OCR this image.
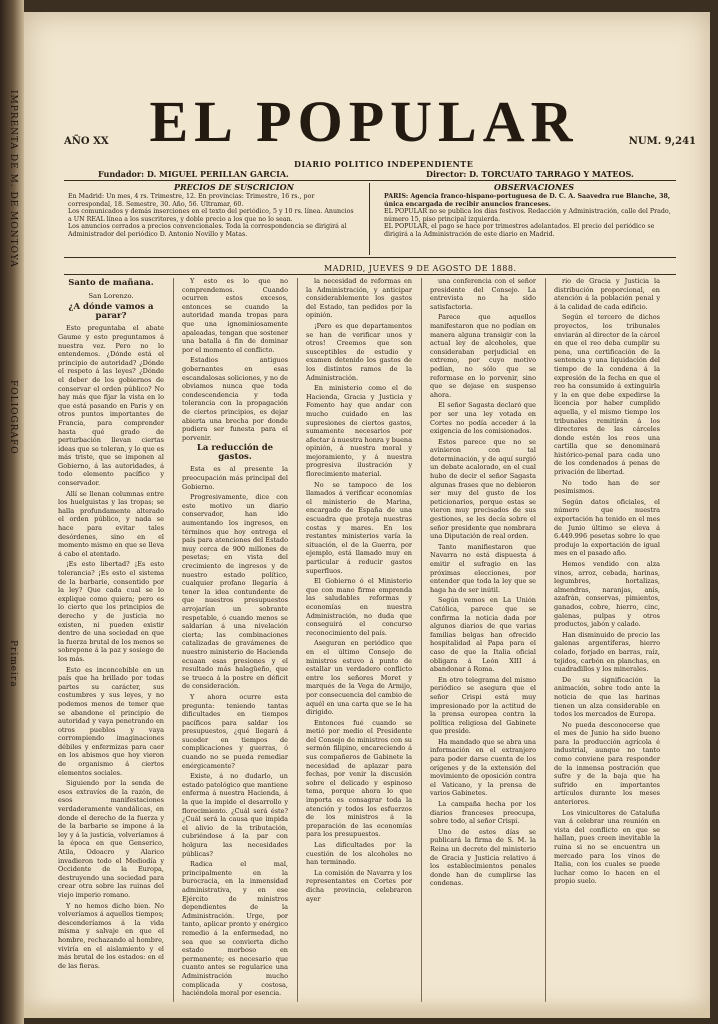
IMPRENTA DE M. DE MONTOYA
FOLIOGRAFO
Primeira
EL POPULAR
AÑO XX	NUM. 9,241
DIARIO POLITICO INDEPENDIENTE
Fundador: D. MIGUEL PERILLAN GARCIA.	Director: D. TORCUATO TARRAGO Y MATEOS.
PRECIOS DE SUSCRICION	OBSERVACIONES
En Madrid: Un mes, 4 rs. Trimestre, 12. En provincias: Trimestre, 16 rs., por correspondal, 18. Semestre, 30. Año, 56. Ultramar, 60.
Los comunicados y demás inserciones en el texto del periódico, 5 y 10 rs. línea. Anuncios a UN REAL línea a los suscritores, y doble precio a los que no lo sean.
Los anuncios cerrados a precios convencionales. Toda la correspondencia se dirigirá al Administrador del periódico D. Antonio Novillo y Matas.
PARIS: Agencia franco-hispano-portuguesa de D. C. A. Saavedra rue Blanche, 38, única encargada de recibir anuncios franceses.
EL POPULAR no se publica los días festivos. Redacción y Administración, calle del Prado, número 15, piso principal izquierda.
EL POPULAR, el pago se hace por trimestres adelantados. El precio del periódico se dirigirá a la Administración de este diario en Madrid.
MADRID, JUEVES 9 DE AGOSTO DE 1888.
Santo de mañana.
San Lorenzo.
¿A dónde vamos a parar?

Esto preguntaba el abate Gaume y esto preguntamos á nuestra vez. Pero no lo entendemos. ¿Dónde está el principio de autoridad? ¿Dónde el respeto á las leyes? ¿Dónde el deber de los gobiernos de conservar el orden público? No hay más que fijar la vista en lo que está pasando en Paris y en otros puntos importantes de Francia, para comprender hasta qué grado de perturbación llevan ciertas ideas que se toleran, y lo que es más triste, que se imponen al Gobierno, á las autoridades, á todo elemento pacífico y conservador.

Allí se llenan columnas entre los huelguistas y las tropas; se halla profundamente alterado el orden público, y nada se hace para evitar tales desórdenes, sino en el momento mismo en que se lleva á cabo el atentado.

¡Es esto libertad? ¡Es esto tolerancia? ¡Es esto el sistema de la barbarie, consentido por la ley? Que cada cual se lo explique como quiera; pero es lo cierto que los principios de derecho y de justicia no existen, ni pueden existir dentro de una sociedad en que la fuerza brutal de los menos se sobrepone á la paz y sosiego de los más.

Esto es inconcebible en un país que ha brillado por todas partes su carácter, sus costumbres y sus leyes, y no podemos menos de temer que se abandone el principio de autoridad y vaya penetrando en otros pueblos y vaya corrompiendo imaginaciones débiles y enfermizas para caer en los abismos que hoy vieron de organismo á ciertos elementos sociales.

Siguiendo por la senda de esos extravíos de la razón, de esos manifestaciones verdaderamente vandálicas, en donde el derecho de la fuerza y de la barbarie se impone á la ley y á la justicia, volveríamos á la época en que Genserico, Atila, Odoacro y Alarico invadieron todo el Mediodía y Occidente de la Europa, destruyendo una sociedad para crear otra sobre las ruinas del viejo imperio romano.

Y no hemos dicho bien. No volveríamos á aquellos tiempos; descenderíamos á la vida misma y salvaje en que el hombre, rechazando al hombre, viviría en el aislamiento y el más brutal de los estados: en el de las fieras.

Y esto es lo que no comprendemos. Cuando ocurren estos excesos, entonces se cuando la autoridad manda tropas para que una ignominiosamente apaleadas, tengan que sostener una batalla á fin de dominar por el momento el conflicto.

Estadios antiguos gobernantes en esas escandalosas soliciones, y no de obviamos nunca que toda condescendencia y toda tolerancia con la propagación de ciertos principios, es dejar abierta una brecha por donde pudiera ser funesta para el porvenir.

La reducción de gastos.

Esta es al presente la preocupación más principal del Gobierno.

Progresivamente, dice con este motivo un diario conservador, han ido aumentando los ingresos, en términos que hoy entrega el país para atenciones del Estado muy cerca de 900 millones de pesetas; en vista del crecimiento de ingresos y de nuestro estado político, cualquier profano llegaría á tener la idea contundente de que nuestros presupuestos arrojarían un sobrante respetable, ó cuando menos se saldarían á una nivelación cierta; las combinaciones catalizadas de gravámenes de nuestro ministerio de Hacienda ecuaan esas presiones y el resultado más halagüeño, que se trueca á la postre en déficit de consideración.

Y ahora ocurre esta pregunta: teniendo tantas dificultades en tiempos pacíficos para saldar los presupuestos, ¿qué llegará á suceder en tiempos de complicaciones y guerras, ó cuando no se pueda remediar enérgicamente?

Existe, á no dudarlo, un estado patológico que mantiene enferma á nuestra Hacienda, á la que la impide el desarrollo y florecimiento. ¿Cuál será éste? ¿Cuál será la causa que impida el alivio de la tributación, cubriéndose á la par con holgura las necesidades públicas?

Radica el mal, principalmente en la burocracia, en la inmensidad administrativa, y en ese Ejército de ministros dependientes de la Administración. Urge, por tanto, aplicar pronto y enérgico remedio á la enfermedad, no sea que se convierta dicho estado morboso en permanente; es necesario que cuanto antes se regularice una Administración mucho complicada y costosa, haciéndola moral por esencia.

la necesidad de reformas en la Administración, y anticipar considerablemente los gastos del Estado, tan pedidos por la opinión.

¡Pero es que departamentos se han de verificar unos y otros! Creemos que son susceptibles de estudio y examen detenido los gastos de los distintos ramos de la Administración.

En ministerio como el de Hacienda, Gracia y Justicia y Fomento hay que andar con mucho cuidado en las supresiones de ciertos gastos, sumamente necesarios por afectar á nuestra honra y buena opinión, á nuestra moral y mejoramiento, y á nuestra progresiva ilustración y florecimiento material.

No se tampoco de los llamados á verificar economías el ministerio de Marina, encargado de España de una escuadra que proteja nuestras costas y mares. En los restantes ministerios varía la situación, el de la Guerra, por ejemplo, está llamado muy en particular á reducir gastos superfluos.

El Gobierno ó el Ministerio que con mano firme emprenda las saludables reformas y economías en nuestra Administración, no duda que conseguirá el concurso reconocimiento del país.

Aseguran en periódico que en el último Consejo de ministros estuvo á punto de estallar un verdadero conflicto entre los señores Moret y marqués de la Vega de Armijo, por consecuencia del cambio de aquél en una carta que se le ha dirigido.

Entonces fué cuando se metió por medio el Presidente del Consejo de ministros con su sermón filipino, encareciendo á sus compañeros de Gabinete la necesidad de aplazar para fechas, por venir la discusión sobre el delicado y espinoso tema, porque ahora lo que importa es consagrar toda la atención y todos los esfuerzos de los ministros á la preparación de las economías para los presupuestos.

Las dificultades por la cuestión de los alcoholes no han terminado.

La comisión de Navarra y los representantes en Cortes por dicha provincia, celebraron ayer

una conferencia con el señor presidente del Consejo. La entrevista no ha sido satisfactoria.

Parece que aquellos manifestaron que no podían en manera alguna transigir con la actual ley de alcoholes, que consideraban perjudicial en extremo, por cuyo motivo pedían, no sólo que se reformase en lo porvenir, sino que se dejase en suspenso ahora.

El señor Sagasta declaró que por ser una ley votada en Cortes no podía acceder á la exigencia de los comisionados.

Estos parece que no se avinieron con tal determinación, y de aquí surgió un debate acalorado, en el cual hubo de decir el señor Sagasta algunas frases que no debieron ser muy del gusto de los peticionarios, porque estas se vieron muy precisados de sus gestiones, se les decía sobre el señor presidente que nombrara una Diputación de real orden.

Tanto manifiestaron que Navarra no está dispuesta á emitir el sufragio en las próximas elecciones, por entender que toda la ley que se haga ha de ser inútil.

Según vemos en La Unión Católica, parece que se confirma la noticia dada por algunos diarios de que varias familias belgas han ofrecido hospitalidad al Papa para el caso de que la Italia oficial obligara á León XIII á abandonar á Roma.

En otro telegrama del mismo periódico se asegura que el señor Crispi está muy impresionado por la actitud de la prensa europea contra la política religiosa del Gabinete que preside.

Ha mandado que se abra una información en el extranjero para poder darse cuenta de los orígenes y de la extensión del movimiento de oposición contra el Vaticano, y la prensa de varios Gabinetes.

La campaña hecha por los diarios franceses preocupa, sobre todo, al señor Crispi.

Uno de estos días se publicará la firma de S. M. la Reina un decreto del ministerio de Gracia y Justicia relativo á los establecimientos penales donde han de cumplirse las condenas.

rio de Gracia y Justicia la distribución proporcional, en atención á la población penal y á la calidad de cada edificio.

Según el tercero de dichos proyectos, los tribunales enviarán al director de la cárcel en que el reo deba cumplir su pena, una certificación de la sentencia y una liquidación del tiempo de la condena á la expresión de la fecha en que el reo ha consumido á extinguirla y la en que debe expedirse la licencia por haber cumplido aquella, y el mismo tiempo los tribunales remitirán á los directores de las cárceles donde estén los reos una cartilla que se denominará histórico-penal para cada uno de los condenados á penas de privación de libertad.

No todo han de ser pesimismos.

Según datos oficiales, el número que nuestra exportación ha tenido en el mes de Junio último se eleva á 6.449.996 pesetas sobre lo que produjo la exportación de igual mes en el pasado año.

Hemos vendido con alza vinos, arroz, cebada, harinas, legumbres, hortalizas, almendras, naranjas, anís, azafrán, conservas, pimientos, ganados, cobre, hierro, cinc, galenas, pulpas y otros productos, jabón y calado.

Han disminuido de precio las galenas argentíferas, hierro colado, forjado en barras, raíz, tejidos, carbón en planchas, en cuadradillos y los minerales.

De su significación la animación, sobre todo ante la noticia de que las harinas tienen un alza considerable en todos los mercados de Europa.

No pueda desconocerse que el mes de Junio ha sido bueno para la producción agrícola é industrial, aunque no tanto como conviene para responder de la inmensa postración que sufre y de la baja que ha sufrido en importantes artículos durante los meses anteriores.

Los vinicultores de Cataluña van á celebrar una reunión en vista del conflicto en que se hallan, pues creen inevitable la ruina si no se encuentra un mercado para los vinos de Italia, con los cuales se puede luchar como lo hacen en el propio suelo.
